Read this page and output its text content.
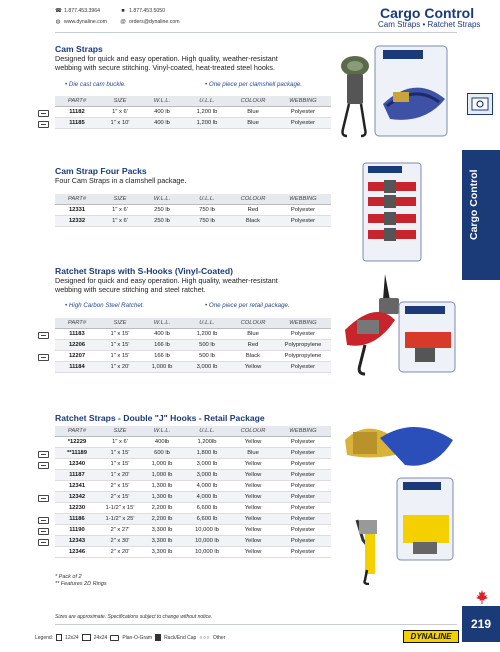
☎ 1.877.453.3964	■ 1.877.453.5050
◍ www.dynaline.com @ orders@dynaline.com
Cargo Control
Cam Straps • Ratchet Straps
Cargo Control
Cam Straps
Designed for quick and easy operation. High quality, weather-resistant
webbing with secure stitching. Vinyl-coated, heat-treated steel hooks.
• Die cast cam buckle.	• One piece per clamshell package.
PART#	SIZE	W.L.L.	U.L.L.	COLOUR	WEBBING
11182	1" x 6'	400 lb	1,200 lb	Blue	Polyester
11185	1" x 10'	400 lb	1,200 lb	Blue	Polyester
Cam Strap Four Packs
Four Cam Straps in a clamshell package.
PART#	SIZE	W.L.L.	U.L.L.	COLOUR	WEBBING
12331	1" x 6'	250 lb	750 lb	Red	Polyester
12332	1" x 6'	250 lb	750 lb	Black	Polyester
Ratchet Straps with S-Hooks (Vinyl-Coated)
Designed for quick and easy operation. High quality, weather-resistant
webbing with secure stitching and steel ratchet.
• High Carbon Steel Ratchet.	• One piece per retail package.
PART#	SIZE	W.L.L.	U.L.L.	COLOUR	WEBBING
11183	1" x 15'	400 lb	1,200 lb	Blue	Polyester
12206	1" x 15'	166 lb	500 lb	Red	Polypropylene
12207	1" x 15'	166 lb	500 lb	Black	Polypropylene
11184	1" x 20'	1,000 lb	3,000 lb	Yellow	Polyester
Ratchet Straps - Double "J" Hooks - Retail Package
PART#	SIZE	W.L.L.	U.L.L.	COLOUR	WEBBING
*12229	1" x 6'	400lb	1,200lb	Yellow	Polyester
**11189	1" x 15'	600 lb	1,800 lb	Blue	Polyester
12340	1" x 15'	1,000 lb	3,000 lb	Yellow	Polyester
11187	1" x 20'	1,000 lb	3,000 lb	Yellow	Polyester
12341	2" x 15'	1,300 lb	4,000 lb	Yellow	Polyester
12342	2" x 15'	1,300 lb	4,000 lb	Yellow	Polyester
12230	1-1/2" x 15'	2,200 lb	6,600 lb	Yellow	Polyester
11186	1-1/2" x 25'	2,200 lb	6,600 lb	Yellow	Polyester
11190	2" x 27'	3,300 lb	10,000 lb	Yellow	Polyester
12343	2" x 30'	3,300 lb	10,000 lb	Yellow	Polyester
12346	2" x 20'	3,300 lb	10,000 lb	Yellow	Polyester
* Pack of 2
** Features 2D Rings
Sizes are approximate. Specifications subject to change without notice.
Legend: 12x24	24x24	Plan-O-Gram Rack/End Cap ○○○ Other	DYNALINE
219
